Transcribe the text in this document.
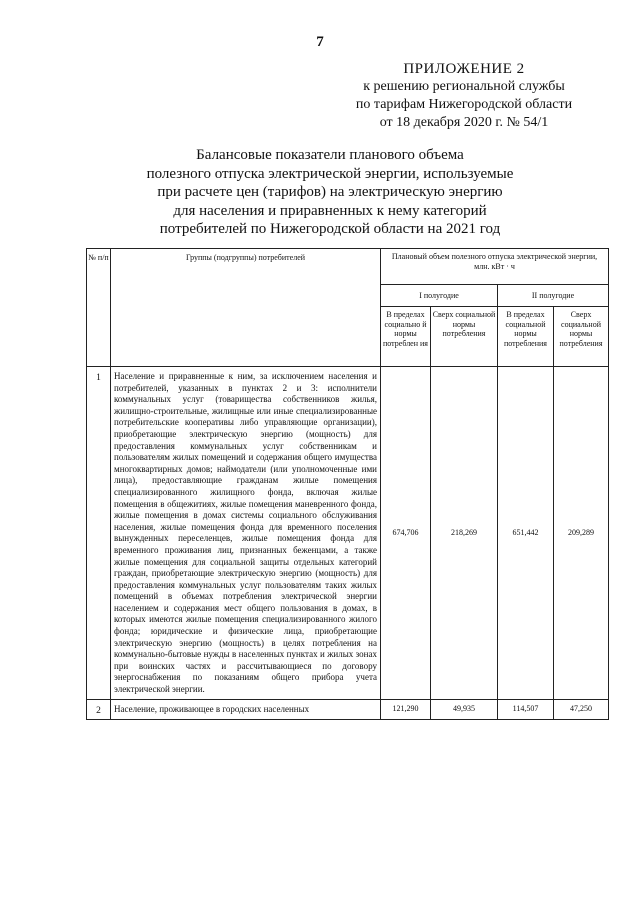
7
ПРИЛОЖЕНИЕ 2
к решению региональной службы
по тарифам Нижегородской области
от 18 декабря 2020 г. № 54/1
Балансовые показатели планового объема
полезного отпуска электрической энергии, используемые
при расчете цен (тарифов) на электрическую энергию
для населения и приравненных к нему категорий
потребителей по Нижегородской области на 2021 год
№ п/п	Группы (подгруппы) потребителей	Плановый объем полезного отпуска электрической энергии, млн. кВт · ч			
		I полугодие		II полугодие	
		В пределах социально й нормы потреблен ия	Сверх социальной нормы потребления	В пределах социальной нормы потребления	Сверх социальной нормы потребления
1	Население и приравненные к ним, за исключением населения и потребителей, указанных в пунктах 2 и 3: исполнители коммунальных услуг (товарищества собственников жилья, жилищно-строительные, жилищные или иные специализированные потребительские кооперативы либо управляющие организации), приобретающие электрическую энергию (мощность) для предоставления коммунальных услуг собственникам и пользователям жилых помещений и содержания общего имущества многоквартирных домов; наймодатели (или уполномоченные ими лица), предоставляющие гражданам жилые помещения специализированного жилищного фонда, включая жилые помещения в общежитиях, жилые помещения маневренного фонда, жилые помещения в домах системы социального обслуживания населения, жилые помещения фонда для временного поселения вынужденных переселенцев, жилые помещения фонда для временного проживания лиц, признанных беженцами, а также жилые помещения для социальной защиты отдельных категорий граждан, приобретающие электрическую энергию (мощность) для предоставления коммунальных услуг пользователям таких жилых помещений в объемах потребления электрической энергии населением и содержания мест общего пользования в домах, в которых имеются жилые помещения специализированного жилого фонда; юридические и физические лица, приобретающие электрическую энергию (мощность) в целях потребления на коммунально-бытовые нужды в населенных пунктах и жилых зонах при воинских частях и рассчитывающиеся по договору энергоснабжения по показаниям общего прибора учета электрической энергии.	674,706	218,269	651,442	209,289
2	Население, проживающее в городских населенных	121,290	49,935	114,507	47,250
